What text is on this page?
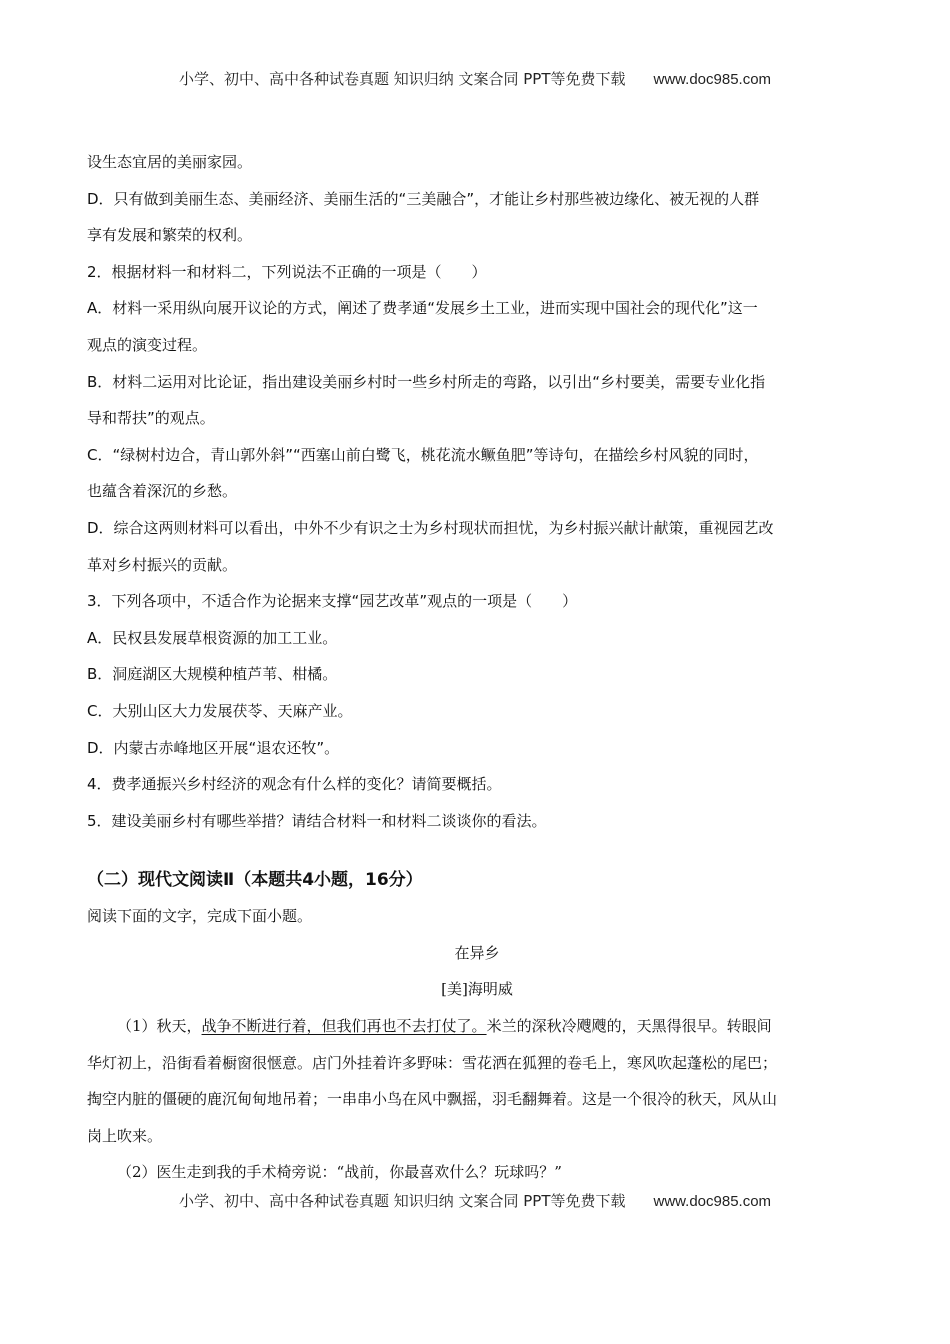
小学、初中、高中各种试卷真题 知识归纳 文案合同 PPT等免费下载 www.doc985.com
设生态宜居的美丽家园。
D．只有做到美丽生态、美丽经济、美丽生活的“三美融合”，才能让乡村那些被边缘化、被无视的人群
享有发展和繁荣的权利。
2．根据材料一和材料二，下列说法不正确的一项是（　　）
A．材料一采用纵向展开议论的方式，阐述了费孝通“发展乡土工业，进而实现中国社会的现代化”这一
观点的演变过程。
B．材料二运用对比论证，指出建设美丽乡村时一些乡村所走的弯路，以引出“乡村要美，需要专业化指
导和帮扶”的观点。
C．“绿树村边合，青山郭外斜”“西塞山前白鹭飞，桃花流水鳜鱼肥”等诗句，在描绘乡村风貌的同时，
也蕴含着深沉的乡愁。
D．综合这两则材料可以看出，中外不少有识之士为乡村现状而担忧，为乡村振兴献计献策，重视园艺改
革对乡村振兴的贡献。
3．下列各项中，不适合作为论据来支撑“园艺改革”观点的一项是（　　）
A．民权县发展草根资源的加工工业。
B．洞庭湖区大规模种植芦苇、柑橘。
C．大别山区大力发展茯苓、天麻产业。
D．内蒙古赤峰地区开展“退农还牧”。
4．费孝通振兴乡村经济的观念有什么样的变化？请简要概括。
5．建设美丽乡村有哪些举措？请结合材料一和材料二谈谈你的看法。
（二）现代文阅读Ⅱ（本题共4小题，16分）
阅读下面的文字，完成下面小题。
在异乡
[美]海明威
（1）秋天，战争不断进行着，但我们再也不去打仗了。米兰的深秋冷飕飕的，天黑得很早。转眼间
华灯初上，沿街看着橱窗很惬意。店门外挂着许多野味：雪花洒在狐狸的卷毛上，寒风吹起蓬松的尾巴；
掏空内脏的僵硬的鹿沉甸甸地吊着；一串串小鸟在风中飘摇，羽毛翻舞着。这是一个很冷的秋天，风从山
岗上吹来。
（2）医生走到我的手术椅旁说：“战前，你最喜欢什么？玩球吗？”
小学、初中、高中各种试卷真题 知识归纳 文案合同 PPT等免费下载 www.doc985.com
